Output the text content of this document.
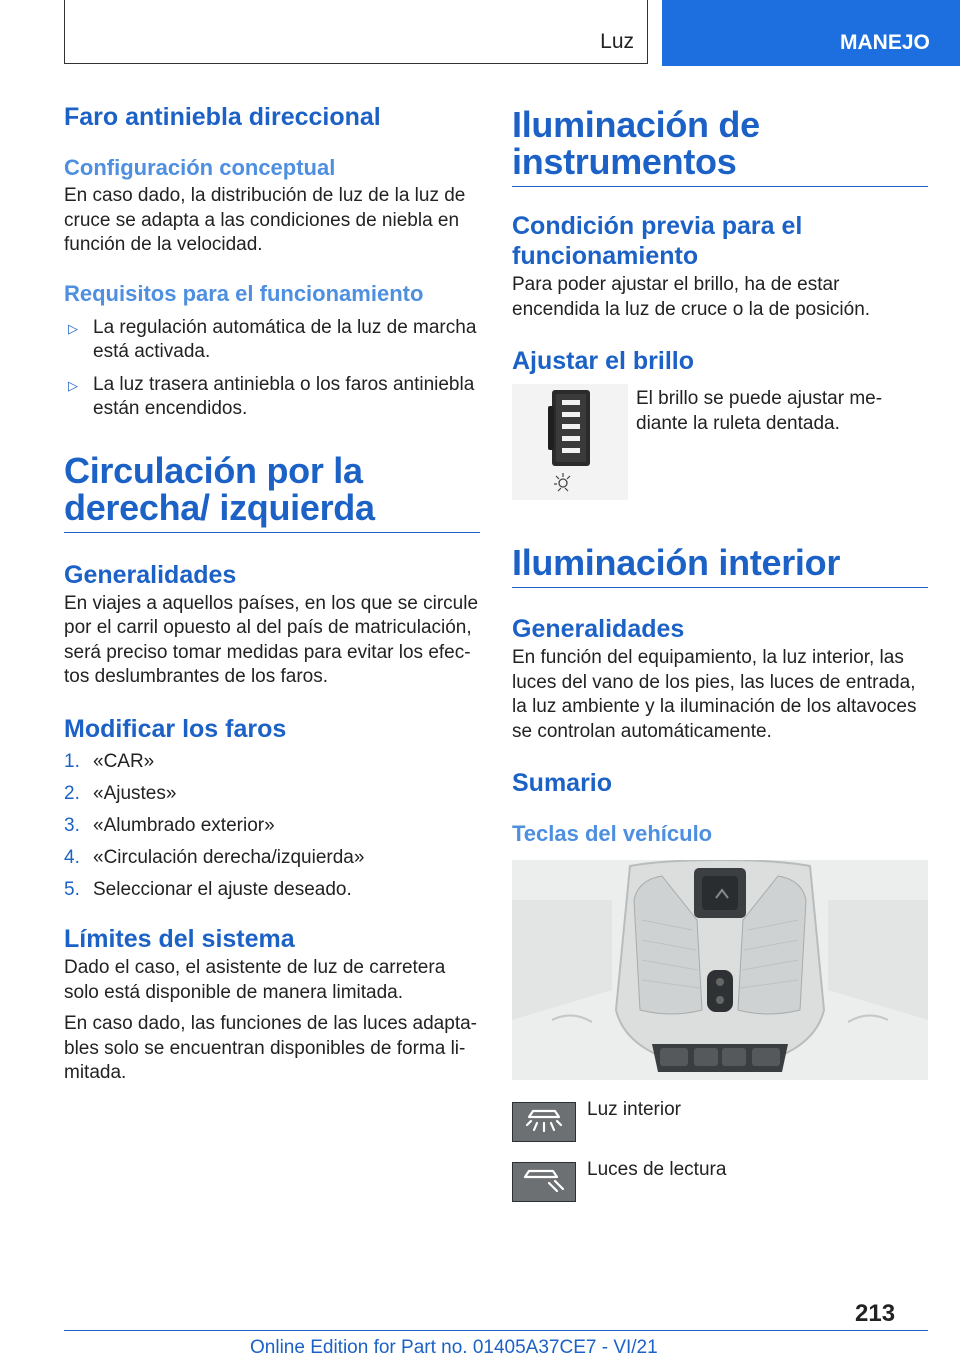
Luz	MANEJO
Faro antiniebla direccional
Configuración conceptual

En caso dado, la distribución de luz de la luz de cruce se adapta a las condiciones de niebla en función de la velocidad.

Requisitos para el funcionamiento
▷ La regulación automática de la luz de marcha está activada.
▷ La luz trasera antiniebla o los faros antiniebla están encendidos.
Circulación por la derecha/ izquierda
Generalidades

En viajes a aquellos países, en los que se circule por el carril opuesto al del país de matriculación, será preciso tomar medidas para evitar los efec- tos deslumbrantes de los faros.

Modificar los faros
1. «CAR»
2. «Ajustes»
3. «Alumbrado exterior»
4. «Circulación derecha/izquierda»
5. Seleccionar el ajuste deseado.
Límites del sistema

Dado el caso, el asistente de luz de carretera solo está disponible de manera limitada.

En caso dado, las funciones de las luces adapta- bles solo se encuentran disponibles de forma li- mitada.

Iluminación de instrumentos
Condición previa para el funcionamiento

Para poder ajustar el brillo, ha de estar encendida la luz de cruce o la de posición.

Ajustar el brillo

El brillo se puede ajustar me- diante la ruleta dentada.

Iluminación interior
Generalidades

En función del equipamiento, la luz interior, las luces del vano de los pies, las luces de entrada, la luz ambiente y la iluminación de los altavoces se controlan automáticamente.

Sumario
Teclas del vehículo

Luz interior

Luces de lectura

213
Online Edition for Part no. 01405A37CE7 - VI/21
